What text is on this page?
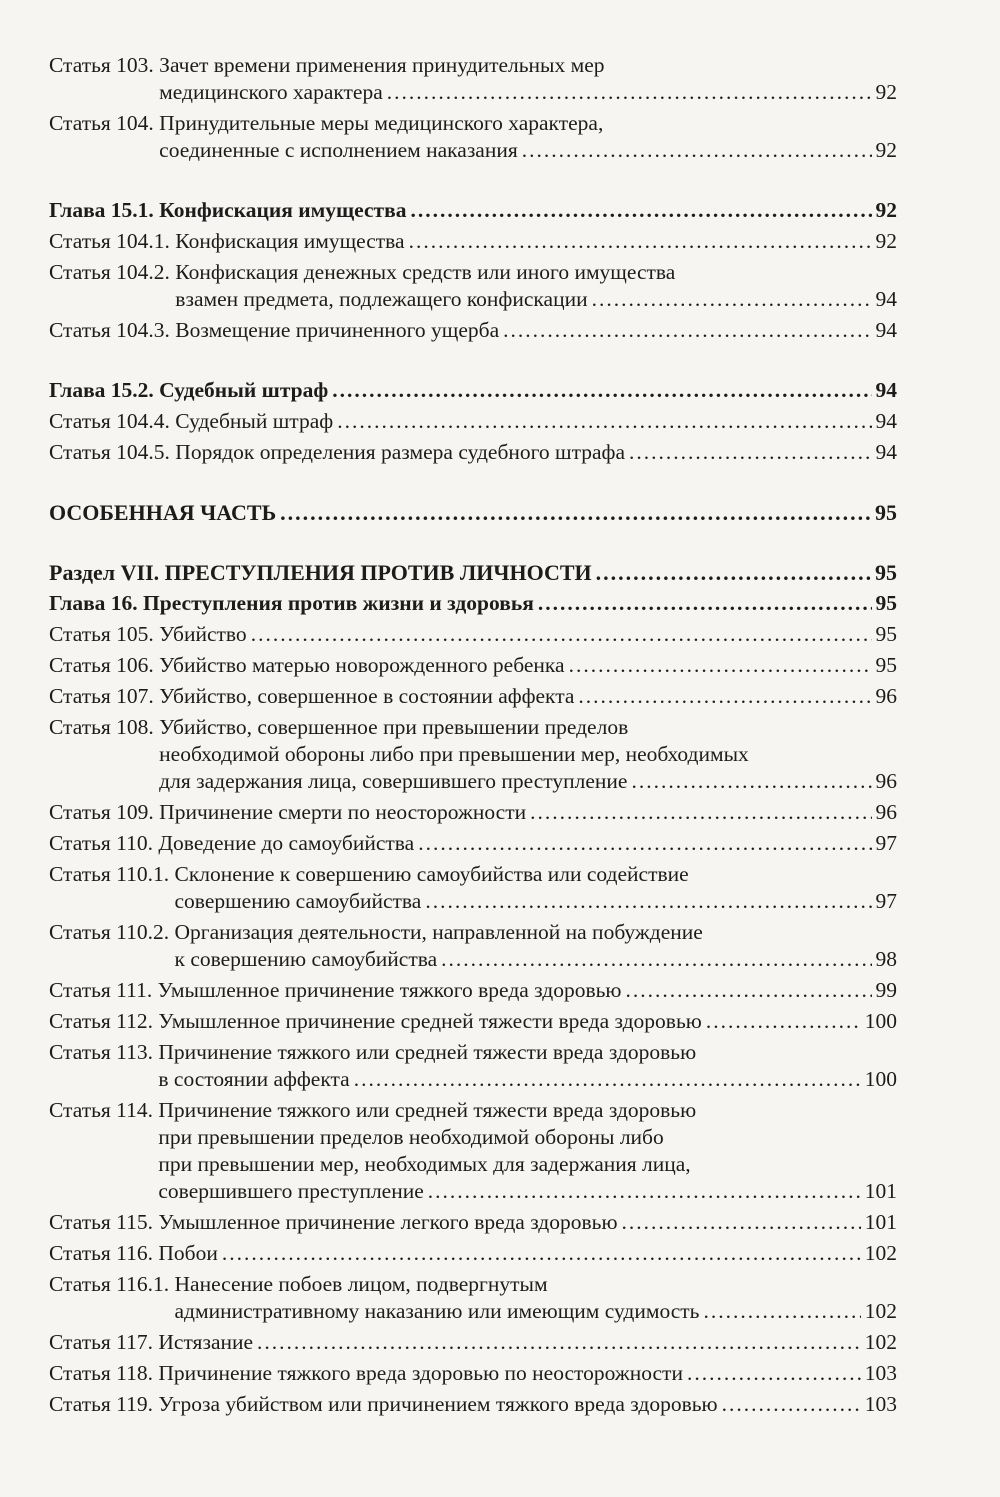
Статья 103. Зачет времени применения принудительных мер
медицинского характера .....	92
Статья 104. Принудительные меры медицинского характера,
соединенные с исполнением наказания .....	92
Глава 15.1. Конфискация имущества .....	92
Статья 104.1. Конфискация имущества .....	92
Статья 104.2. Конфискация денежных средств или иного имущества
взамен предмета, подлежащего конфискации .....	94
Статья 104.3. Возмещение причиненного ущерба .....	94
Глава 15.2. Судебный штраф .....	94
Статья 104.4. Судебный штраф .....	94
Статья 104.5. Порядок определения размера судебного штрафа .....	94
ОСОБЕННАЯ ЧАСТЬ .....	95
Раздел VII. ПРЕСТУПЛЕНИЯ ПРОТИВ ЛИЧНОСТИ .....	95
Глава 16. Преступления против жизни и здоровья .....	95
Статья 105. Убийство .....	95
Статья 106. Убийство матерью новорожденного ребенка .....	95
Статья 107. Убийство, совершенное в состоянии аффекта .....	96
Статья 108. Убийство, совершенное при превышении пределов
необходимой обороны либо при превышении мер, необходимых
для задержания лица, совершившего преступление .....	96
Статья 109. Причинение смерти по неосторожности .....	96
Статья 110. Доведение до самоубийства .....	97
Статья 110.1. Склонение к совершению самоубийства или содействие
совершению самоубийства .....	97
Статья 110.2. Организация деятельности, направленной на побуждение
к совершению самоубийства .....	98
Статья 111. Умышленное причинение тяжкого вреда здоровью .....	99
Статья 112. Умышленное причинение средней тяжести вреда здоровью .....	100
Статья 113. Причинение тяжкого или средней тяжести вреда здоровью
в состоянии аффекта .....	100
Статья 114. Причинение тяжкого или средней тяжести вреда здоровью
при превышении пределов необходимой обороны либо
при превышении мер, необходимых для задержания лица,
совершившего преступление .....	101
Статья 115. Умышленное причинение легкого вреда здоровью .....	101
Статья 116. Побои .....	102
Статья 116.1. Нанесение побоев лицом, подвергнутым
административному наказанию или имеющим судимость .....	102
Статья 117. Истязание .....	102
Статья 118. Причинение тяжкого вреда здоровью по неосторожности .....	103
Статья 119. Угроза убийством или причинением тяжкого вреда здоровью .....	103
